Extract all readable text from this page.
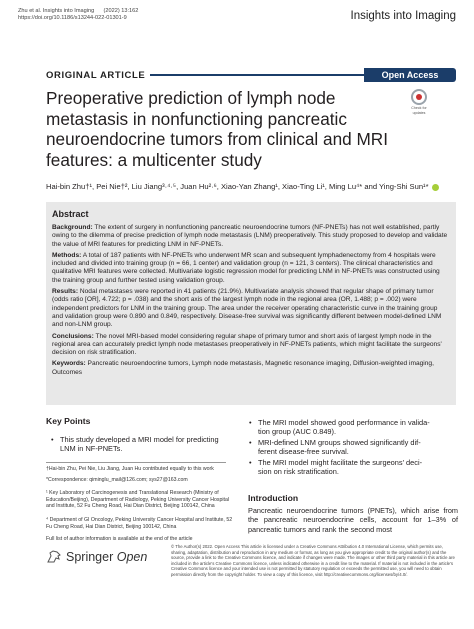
Zhu et al. Insights into Imaging (2022) 13:162
https://doi.org/10.1186/s13244-022-01301-9	Insights into Imaging
ORIGINAL ARTICLE	Open Access
Check for
updates
Preoperative prediction of lymph node metastasis in nonfunctioning pancreatic neuroendocrine tumors from clinical and MRI features: a multicenter study
Hai-bin Zhu†¹, Pei Nie†², Liu Jiang³·⁴·⁵, Juan Hu²·⁶, Xiao-Yan Zhang¹, Xiao-Ting Li¹, Ming Lu⁴* and Ying-Shi Sun¹*
Abstract

Background: The extent of surgery in nonfunctioning pancreatic neuroendocrine tumors (NF-PNETs) has not well established, partly owing to the dilemma of precise prediction of lymph node metastasis (LNM) preoperatively. This study proposed to develop and validate the value of MRI features for predicting LNM in NF-PNETs.

Methods: A total of 187 patients with NF-PNETs who underwent MR scan and subsequent lymphadenectomy from 4 hospitals were included and divided into training group (n = 66, 1 center) and validation group (n = 121, 3 centers). The clinical characteristics and qualitative MRI features were collected. Multivariate logistic regression model for predicting LNM in NF-PNETs was constructed using the training group and further tested using validation group.

Results: Nodal metastases were reported in 41 patients (21.9%). Multivariate analysis showed that regular shape of primary tumor (odds ratio [OR], 4.722; p = .038) and the short axis of the largest lymph node in the regional area (OR, 1.488; p = .002) were independent predictors for LNM in the training group. The area under the receiver operating characteristic curve in the training group and validation group were 0.890 and 0.849, respectively. Disease-free survival was significantly different between model-defined LNM and non-LNM group.

Conclusions: The novel MRI-based model considering regular shape of primary tumor and short axis of largest lymph node in the regional area can accurately predict lymph node metastases preoperatively in NF-PNETs patients, which might facilitate the surgeons' decision on risk stratification.

Keywords: Pancreatic neuroendocrine tumors, Lymph node metastasis, Magnetic resonance imaging, Diffusion-weighted imaging, Outcomes

Key Points
• This study developed a MRI model for predicting
LNM in NF-PNETs.
†Hai-bin Zhu, Pei Nie, Liu Jiang, Juan Hu contributed equally to this work
*Correspondence: qiminglu_mail@126.com; sys27@163.com
¹ Key Laboratory of Carcinogenesis and Translational Research (Ministry of Education/Beijing), Department of Radiology, Peking University Cancer Hospital and Institute, 52 Fu Cheng Road, Hai Dian District, Beijing 100142, China
⁴ Department of GI Oncology, Peking University Cancer Hospital and Institute, 52 Fu Cheng Road, Hai Dian District, Beijing 100142, China
Full list of author information is available at the end of the article
• The MRI model showed good performance in valida-
tion group (AUC 0.849).
• MRI-defined LNM groups showed significantly dif-
ferent disease-free survival.
• The MRI model might facilitate the surgeons' deci-
sion on risk stratification.
Introduction

Pancreatic neuroendocrine tumors (PNETs), which arise from the pancreatic neuroendocrine cells, account for 1–3% of pancreatic tumors and rank the second most

Springer Open
© The Author(s) 2022. Open Access This article is licensed under a Creative Commons Attribution 4.0 International License, which permits use, sharing, adaptation, distribution and reproduction in any medium or format, as long as you give appropriate credit to the original author(s) and the source, provide a link to the Creative Commons licence, and indicate if changes were made. The images or other third party material in this article are included in the article's Creative Commons licence, unless indicated otherwise in a credit line to the material. If material is not included in the article's Creative Commons licence and your intended use is not permitted by statutory regulation or exceeds the permitted use, you will need to obtain permission directly from the copyright holder. To view a copy of this licence, visit http://creativecommons.org/licenses/by/4.0/.
